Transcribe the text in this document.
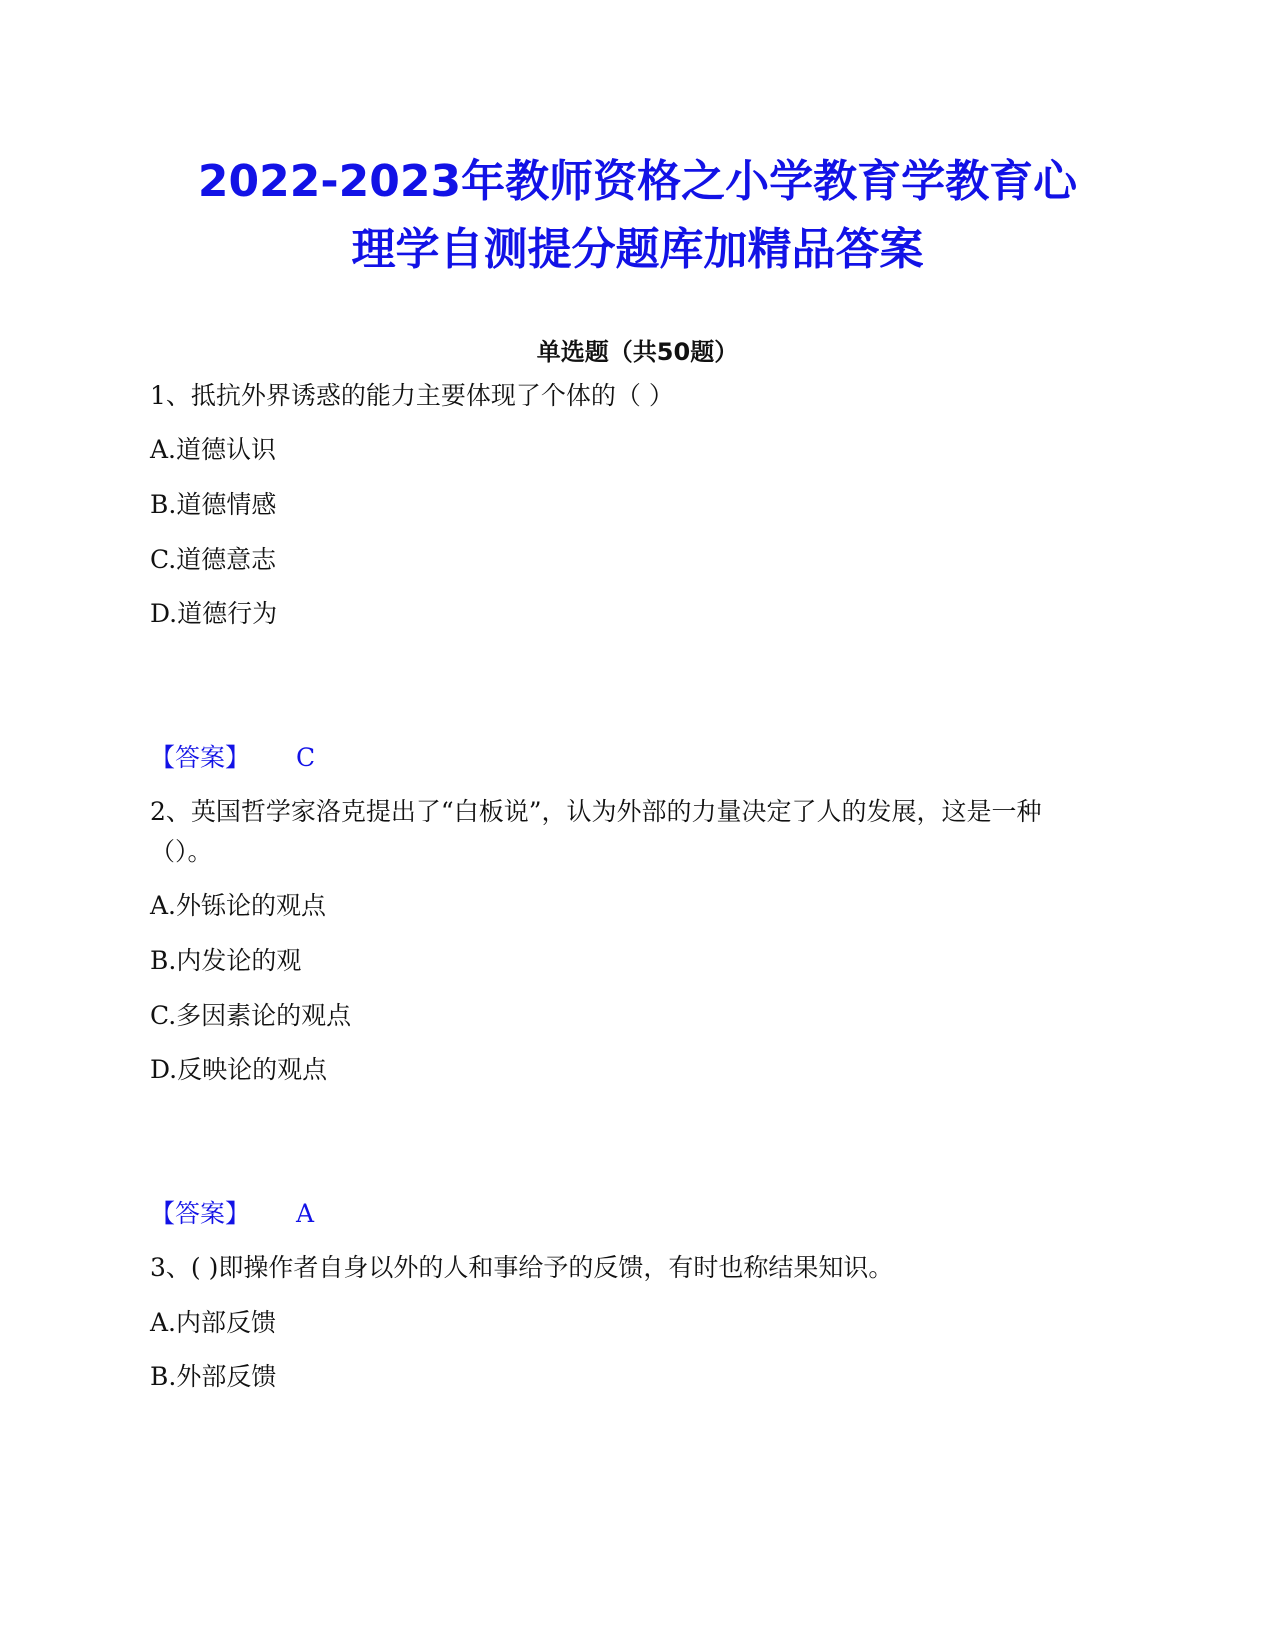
2022-2023年教师资格之小学教育学教育心
理学自测提分题库加精品答案
单选题（共50题）
1、抵抗外界诱惑的能力主要体现了个体的（ ）
A.道德认识
B.道德情感
C.道德意志
D.道德行为
【答案】 C
2、英国哲学家洛克提出了“白板说”，认为外部的力量决定了人的发展，这是一种（）。
A.外铄论的观点
B.内发论的观
C.多因素论的观点
D.反映论的观点
【答案】 A
3、( )即操作者自身以外的人和事给予的反馈，有时也称结果知识。
A.内部反馈
B.外部反馈
